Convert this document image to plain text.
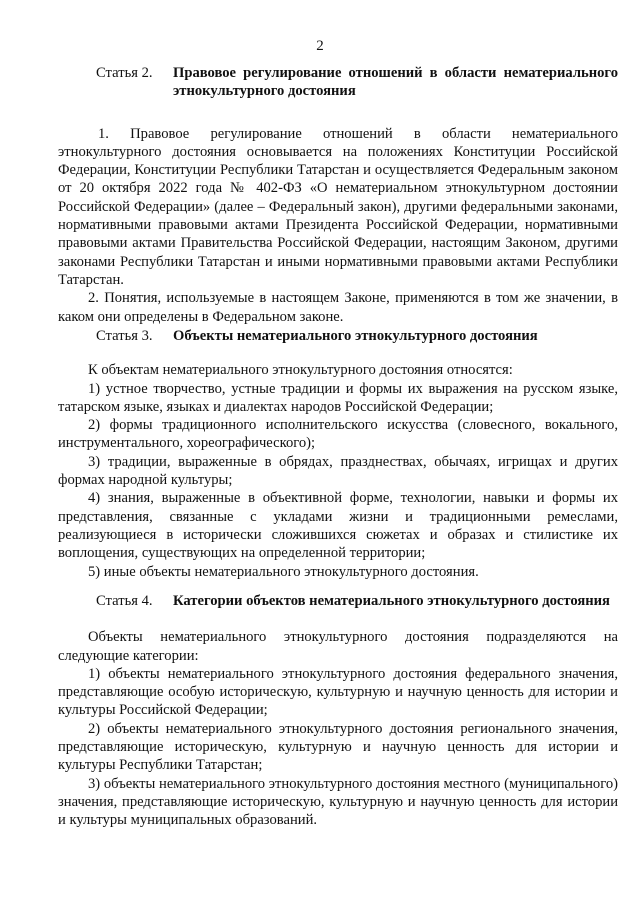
2
Статья 2.	Правовое регулирование отношений в области нематериального этнокультурного достояния

1. Правовое регулирование отношений в области нематериального этнокультурного достояния основывается на положениях Конституции Российской Федерации, Конституции Республики Татарстан и осуществляется Федеральным законом от 20 октября 2022 года № 402-ФЗ «О нематериальном этнокультурном достоянии Российской Федерации» (далее – Федеральный закон), другими федеральными законами, нормативными правовыми актами Президента Российской Федерации, нормативными правовыми актами Правительства Российской Федерации, настоящим Законом, другими законами Республики Татарстан и иными нормативными правовыми актами Республики Татарстан.

2. Понятия, используемые в настоящем Законе, применяются в том же значении, в каком они определены в Федеральном законе.

Статья 3.	Объекты нематериального этнокультурного достояния

К объектам нематериального этнокультурного достояния относятся:

1) устное творчество, устные традиции и формы их выражения на русском языке, татарском языке, языках и диалектах народов Российской Федерации;

2) формы традиционного исполнительского искусства (словесного, вокального, инструментального, хореографического);

3) традиции, выраженные в обрядах, празднествах, обычаях, игрищах и других формах народной культуры;

4) знания, выраженные в объективной форме, технологии, навыки и формы их представления, связанные с укладами жизни и традиционными ремеслами, реализующиеся в исторически сложившихся сюжетах и образах и стилистике их воплощения, существующих на определенной территории;

5) иные объекты нематериального этнокультурного достояния.

Статья 4.	Категории объектов нематериального этнокультурного достояния

Объекты нематериального этнокультурного достояния подразделяются на следующие категории:

1) объекты нематериального этнокультурного достояния федерального значения, представляющие особую историческую, культурную и научную ценность для истории и культуры Российской Федерации;

2) объекты нематериального этнокультурного достояния регионального значения, представляющие историческую, культурную и научную ценность для истории и культуры Республики Татарстан;

3) объекты нематериального этнокультурного достояния местного (муниципального) значения, представляющие историческую, культурную и научную ценность для истории и культуры муниципальных образований.
